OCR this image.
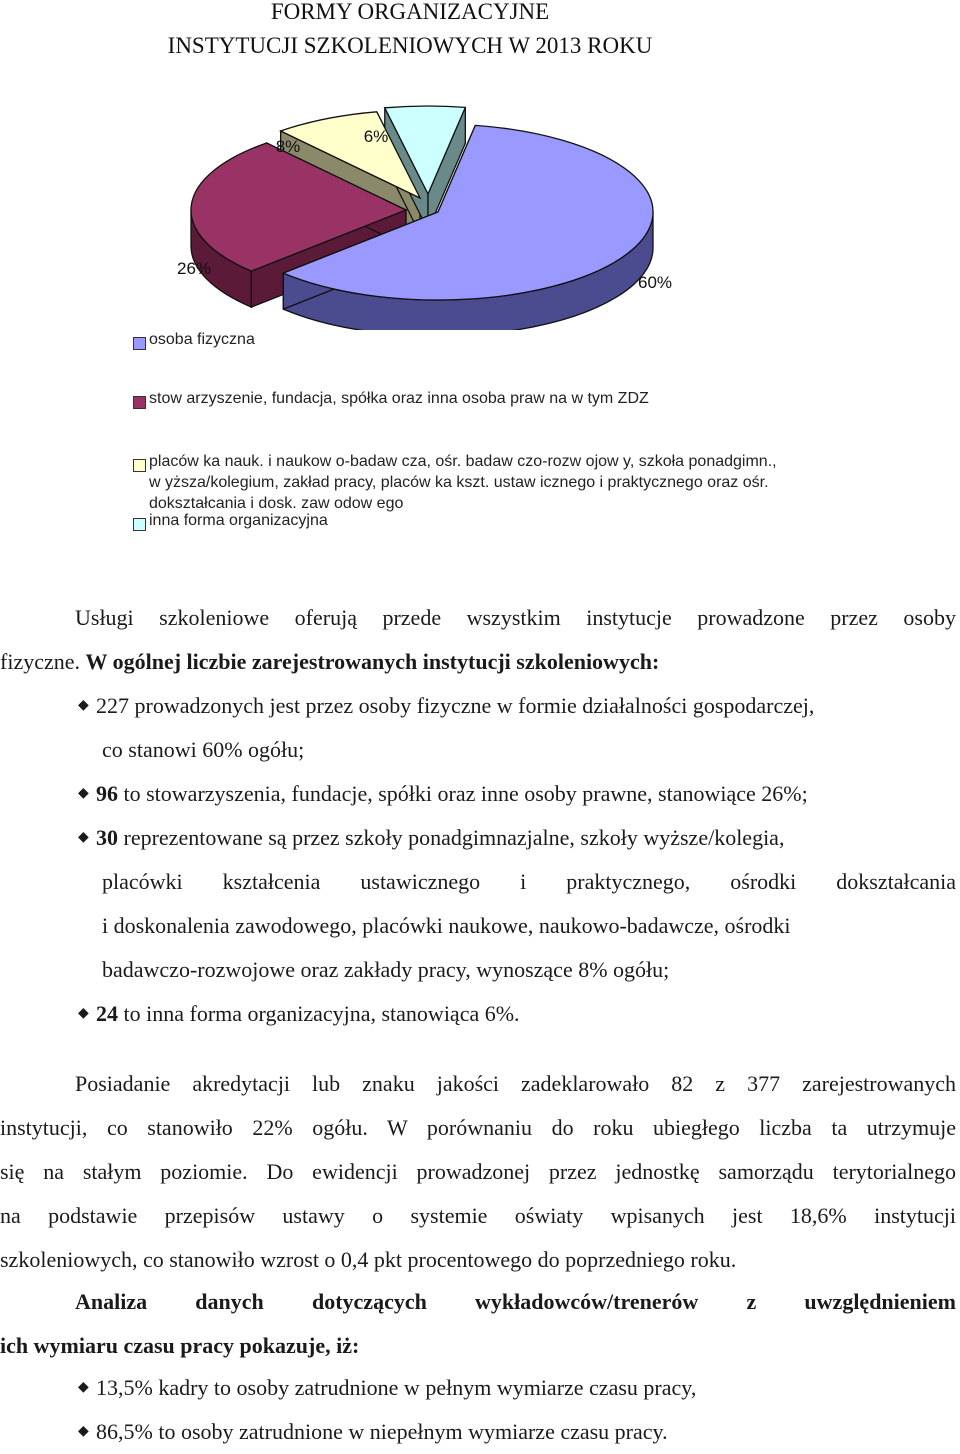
FORMY ORGANIZACYJNE
INSTYTUCJI SZKOLENIOWYCH W 2013 ROKU
60%
26%
8%
6%
osoba fizyczna
stow arzyszenie, fundacja, spółka oraz inna osoba praw na w tym ZDZ
placów ka nauk. i naukow o-badaw cza, ośr. badaw czo-rozw ojow y, szkoła ponadgimn.,
w yższa/kolegium, zakład pracy, placów ka kszt. ustaw icznego i praktycznego oraz ośr.
dokształcania i dosk. zaw odow ego
inna forma organizacyjna
Usługi szkoleniowe oferują przede wszystkim instytucje prowadzone przez osoby
fizyczne. W ogólnej liczbie zarejestrowanych instytucji szkoleniowych:
◆ 227 prowadzonych jest przez osoby fizyczne w formie działalności gospodarczej,
co stanowi 60% ogółu;
◆ 96 to stowarzyszenia, fundacje, spółki oraz inne osoby prawne, stanowiące 26%;
◆ 30 reprezentowane są przez szkoły ponadgimnazjalne, szkoły wyższe/kolegia,
placówki kształcenia ustawicznego i praktycznego, ośrodki dokształcania
i doskonalenia zawodowego, placówki naukowe, naukowo-badawcze, ośrodki
badawczo-rozwojowe oraz zakłady pracy, wynoszące 8% ogółu;
◆ 24 to inna forma organizacyjna, stanowiąca 6%.
Posiadanie akredytacji lub znaku jakości zadeklarowało 82 z 377 zarejestrowanych
instytucji, co stanowiło 22% ogółu. W porównaniu do roku ubiegłego liczba ta utrzymuje
się na stałym poziomie. Do ewidencji prowadzonej przez jednostkę samorządu terytorialnego
na podstawie przepisów ustawy o systemie oświaty wpisanych jest 18,6% instytucji
szkoleniowych, co stanowiło wzrost o 0,4 pkt procentowego do poprzedniego roku.
Analiza danych dotyczących wykładowców/trenerów z uwzględnieniem
ich wymiaru czasu pracy pokazuje, iż:
◆ 13,5% kadry to osoby zatrudnione w pełnym wymiarze czasu pracy,
◆ 86,5% to osoby zatrudnione w niepełnym wymiarze czasu pracy.
